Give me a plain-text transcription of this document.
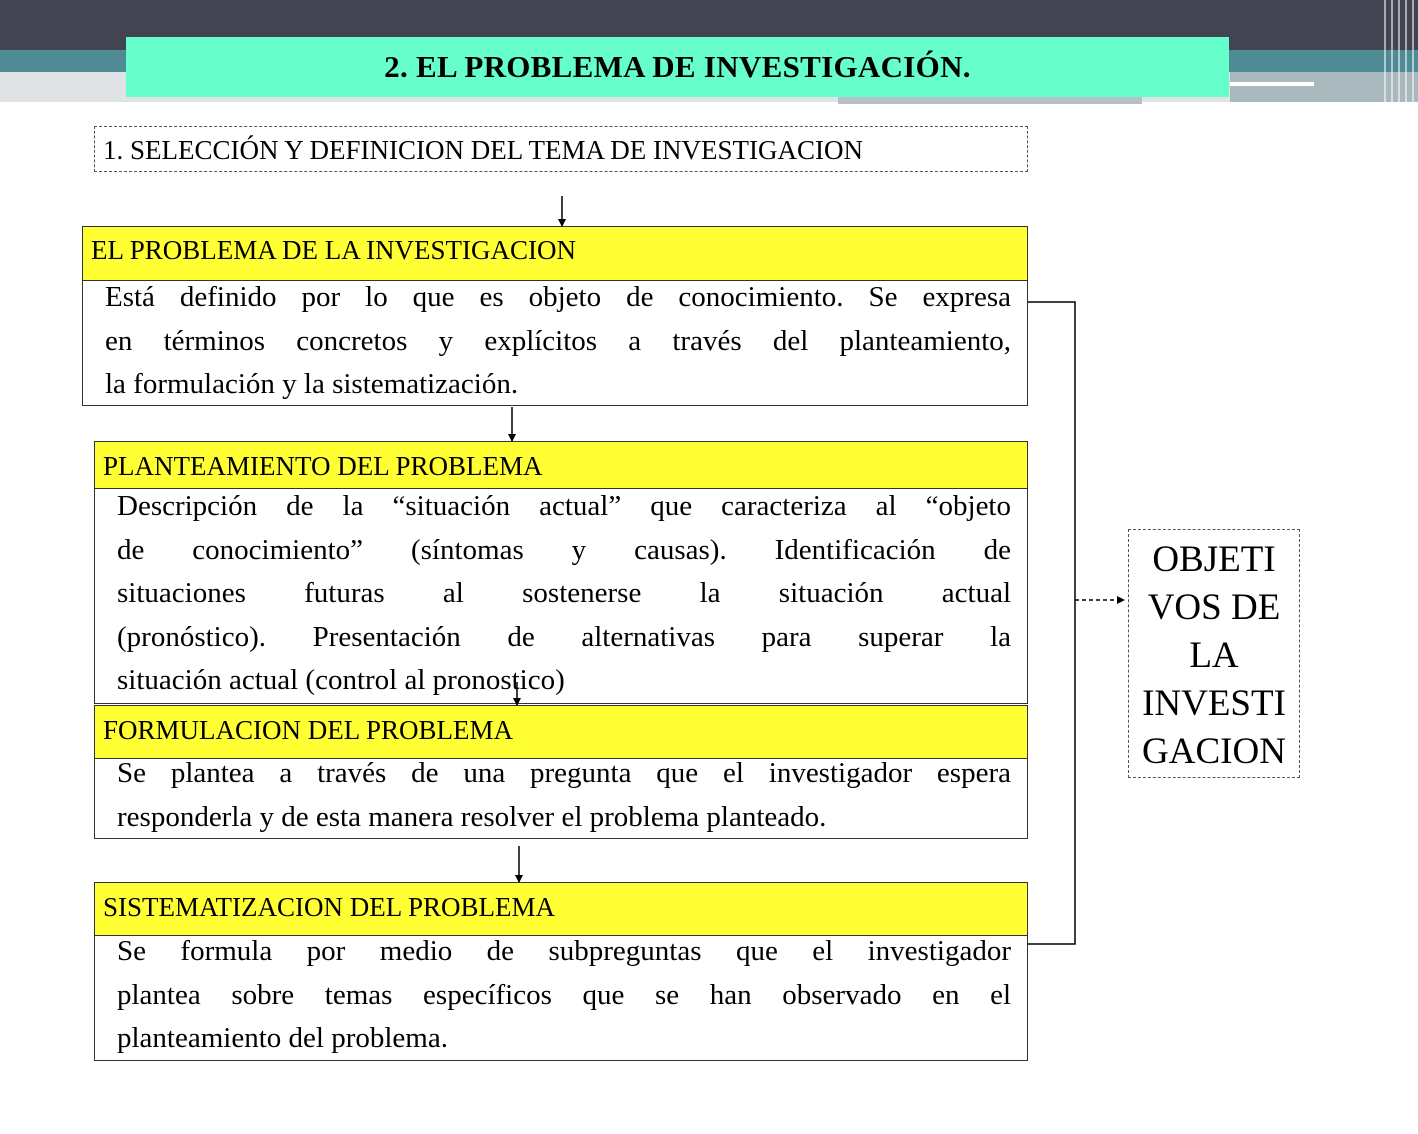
2. EL PROBLEMA DE INVESTIGACIÓN.
1. SELECCIÓN Y DEFINICION DEL TEMA DE INVESTIGACION
EL PROBLEMA DE LA INVESTIGACION
Está definido por lo que es objeto de conocimiento. Se expresa
en términos concretos y explícitos a través del planteamiento,
la formulación y la sistematización.
PLANTEAMIENTO DEL PROBLEMA
Descripción de la “situación actual” que caracteriza al “objeto
de conocimiento” (síntomas y causas). Identificación de
situaciones futuras al sostenerse la situación actual
(pronóstico). Presentación de alternativas para superar la
situación actual (control al pronostico)
FORMULACION DEL PROBLEMA
Se plantea a través de una pregunta que el investigador espera
responderla y de esta manera resolver el problema planteado.
SISTEMATIZACION DEL PROBLEMA
Se formula por medio de subpreguntas que el investigador
plantea sobre temas específicos que se han observado en el
planteamiento del problema.
OBJETI
VOS DE
LA
INVESTI
GACION
